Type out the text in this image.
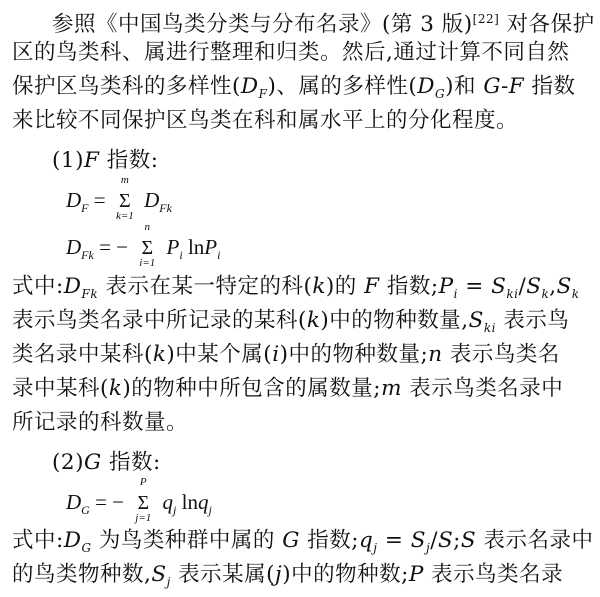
参照《中国鸟类分类与分布名录》(第 3 版)[22] 对各保护
区的鸟类科、属进行整理和归类。然后,通过计算不同自然
保护区鸟类科的多样性$(D_F)$、属的多样性$(D_G)$和 G-F 指数
来比较不同保护区鸟类在科和属水平上的分化程度。
(1)F 指数:
$D_F$ =
m
Σ
k=1
$D_{Fk}$
$D_{Fk}$ = −
n
Σ
i=1
$P_i$ lnP$_i$
式中$:D_{Fk}$ 表示在某一特定的科(k)的 F 指数$;P_i = S_{ki}/S_k,S_k$
表示鸟类名录中所记录的某科(k)中的物种数量$,S_{ki}$ 表示鸟
类名录中某科(k)中某个属(i)中的物种数量;n 表示鸟类名
录中某科(k)的物种中所包含的属数量;m 表示鸟类名录中
所记录的科数量。
(2)G 指数:
$D_G$ = −
P
Σ
j=1
$q_j$ lnq$_j$
式中$:D_G$ 为鸟类种群中属的 G 指数$;q_j$ = $S_j/S;S$ 表示名录中
的鸟类物种数$,S_j$ 表示某属(j)中的物种数;P 表示鸟类名录
